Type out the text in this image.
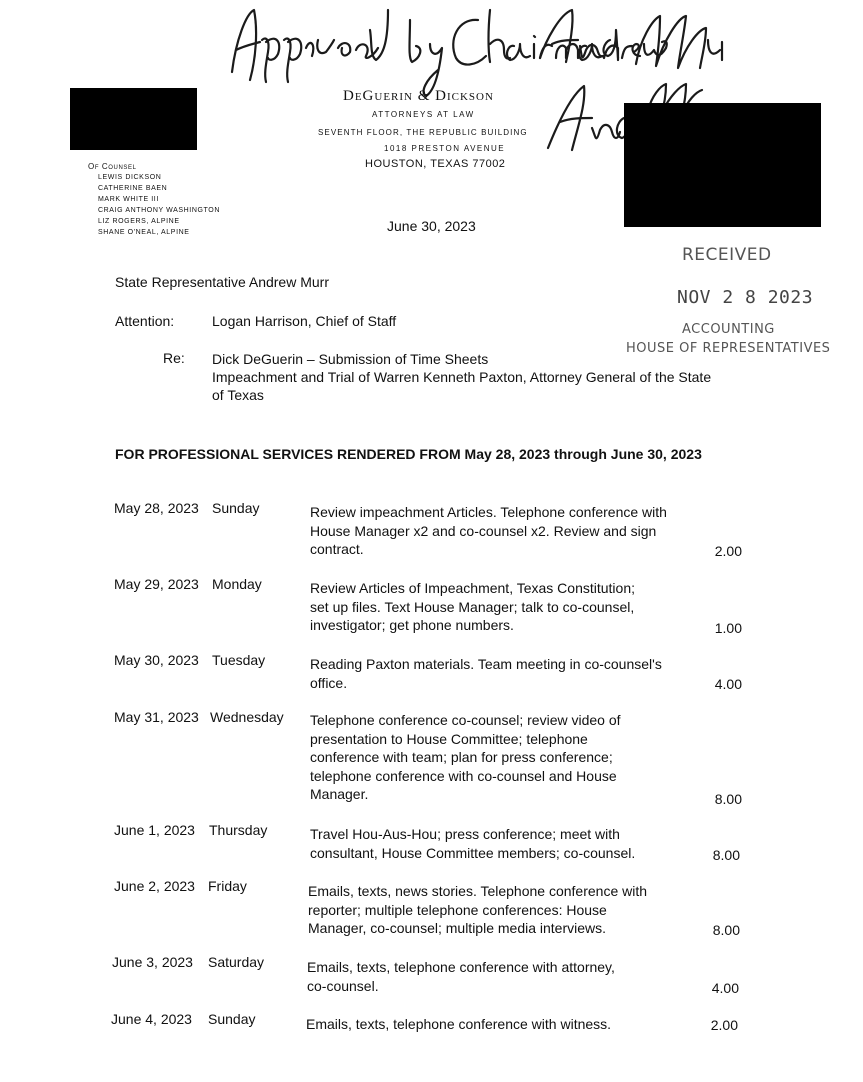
DeGuerin & Dickson
ATTORNEYS AT LAW
SEVENTH FLOOR, THE REPUBLIC BUILDING
1018 PRESTON AVENUE
HOUSTON, TEXAS 77002
Of Counsel
LEWIS DICKSON
CATHERINE BAEN
MARK WHITE III
CRAIG ANTHONY WASHINGTON
LIZ ROGERS, ALPINE
SHANE O'NEAL, ALPINE	June 30, 2023
RECEIVED
NOV 2 8 2023
ACCOUNTING
HOUSE OF REPRESENTATIVES
State Representative Andrew Murr
Attention:	Logan Harrison, Chief of Staff
Re: Dick DeGuerin – Submission of Time Sheets
Impeachment and Trial of Warren Kenneth Paxton, Attorney General of the State
of Texas
FOR PROFESSIONAL SERVICES RENDERED FROM May 28, 2023 through June 30, 2023
May 28, 2023 Sunday	Review impeachment Articles. Telephone conference with
House Manager x2 and co-counsel x2. Review and sign
contract.	2.00
May 29, 2023 Monday	Review Articles of Impeachment, Texas Constitution;
set up files. Text House Manager; talk to co-counsel,
investigator; get phone numbers.	1.00
May 30, 2023 Tuesday	Reading Paxton materials. Team meeting in co-counsel's
office.	4.00
May 31, 2023 Wednesday Telephone conference co-counsel; review video of
presentation to House Committee; telephone
conference with team; plan for press conference;
telephone conference with co-counsel and House
Manager.	8.00
June 1, 2023 Thursday	Travel Hou-Aus-Hou; press conference; meet with
consultant, House Committee members; co-counsel.	8.00
June 2, 2023 Friday	Emails, texts, news stories. Telephone conference with
reporter; multiple telephone conferences: House
Manager, co-counsel; multiple media interviews.	8.00
June 3, 2023 Saturday	Emails, texts, telephone conference with attorney,
co-counsel.	4.00
June 4, 2023 Sunday	Emails, texts, telephone conference with witness.	2.00
